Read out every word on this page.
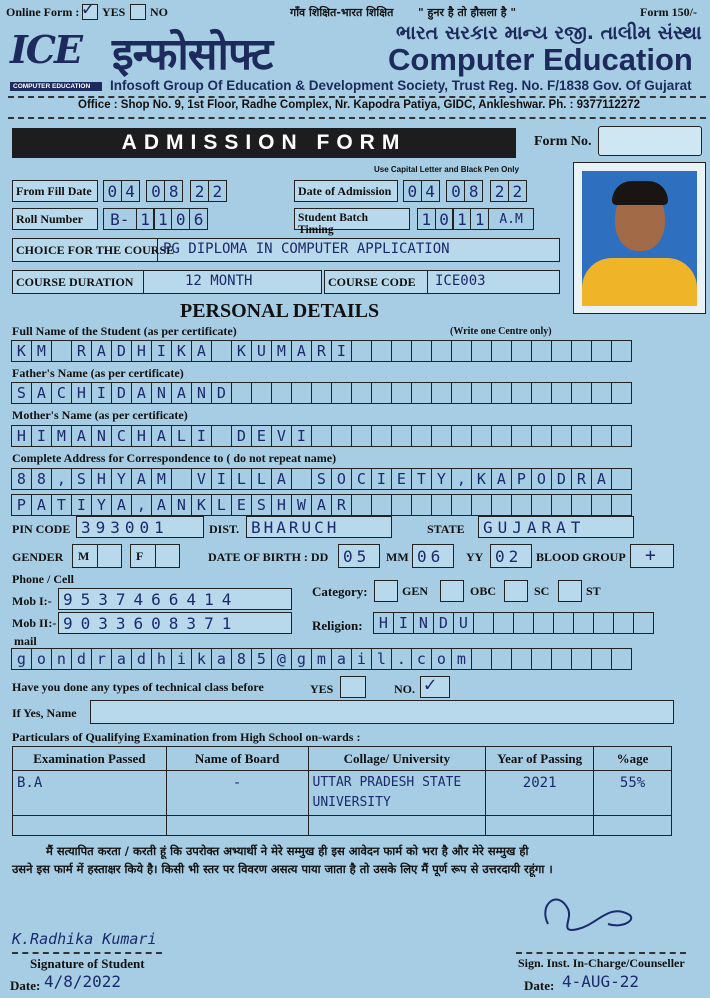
Online Form : ✓ YES NO	गाँव शिक्षित-भारत शिक्षित " हुनर है तो हौसला है "	Form 150/-
ICE
COMPUTER EDUCATION
इन्फोसोफ्ट	ભારત સરકાર માન્ય રજી. તાલીમ સંસ્થા
Computer Education
Infosoft Group Of Education & Development Society, Trust Reg. No. F/1838 Gov. Of Gujarat
Office : Shop No. 9, 1st Floor, Radhe Complex, Nr. Kapodra Patiya, GIDC, Ankleshwar. Ph. : 9377112272
ADMISSION FORM	Form No.
Use Capital Letter and Black Pen Only
From Fill Date 0 4 0 8 2 2	Date of Admission	0 4 0 8 2 2
Roll Number	B- 1 1 0 6	Student Batch Timing
1 0 1 1	A.M
CHOICE FOR THE COURSE
PG DIPLOMA IN COMPUTER APPLICATION
COURSE DURATION	12 MONTH	COURSE CODE ICE003
PERSONAL DETAILS
Full Name of the Student (as per certificate)	(Write one Centre only)
K M	R A D H I K A	K U M A R I
Father's Name (as per certificate)
S A C H I D A N A N D
Mother's Name (as per certificate)
H I M A N C H A L I	D E V I
Complete Address for Correspondence to ( do not repeat name)
8 8 , S H Y A M	V I L L A	S O C I E T Y , K A P O D R A
P A T I Y A , A N K L E S H W A R
PIN CODE 393001	DIST. BHARUCH	STATE GUJARAT
GENDER M	F	DATE OF BIRTH : DD 05 MM 06 YY 02 BLOOD GROUP +
Phone / Cell
Mob I:- 9537466414
Mob II:- 9033608371
Category:	GEN	OBC	SC	ST
Religion:	H I N D U
mail
g o n d r a d h i k a 8 5 @ g m a i l . c o m
Have you done any types of technical class before	YES	NO. ✓
If Yes, Name
Particulars of Qualifying Examination from High School on-wards :
Examination Passed	Name of Board	Collage/ University	Year of Passing	%age
B.A	-	UTTAR PRADESH STATE UNIVERSITY	2021	55%

मैं सत्यापित करता / करती हूं कि उपरोक्त अभ्यार्थी ने मेरे सम्मुख ही इस आवेदन फार्म को भरा है और मेरे सम्मुख ही
उसने इस फार्म में हस्ताक्षर किये है। किसी भी स्तर पर विवरण असत्य पाया जाता है तो उसके लिए मैं पूर्ण रूप से उत्तरदायी रहूंगा ।
K.Radhika Kumari
Signature of Student
Date: 4/8/2022
Sign. Inst. In-Charge/Counseller
Date: 4-AUG-22
